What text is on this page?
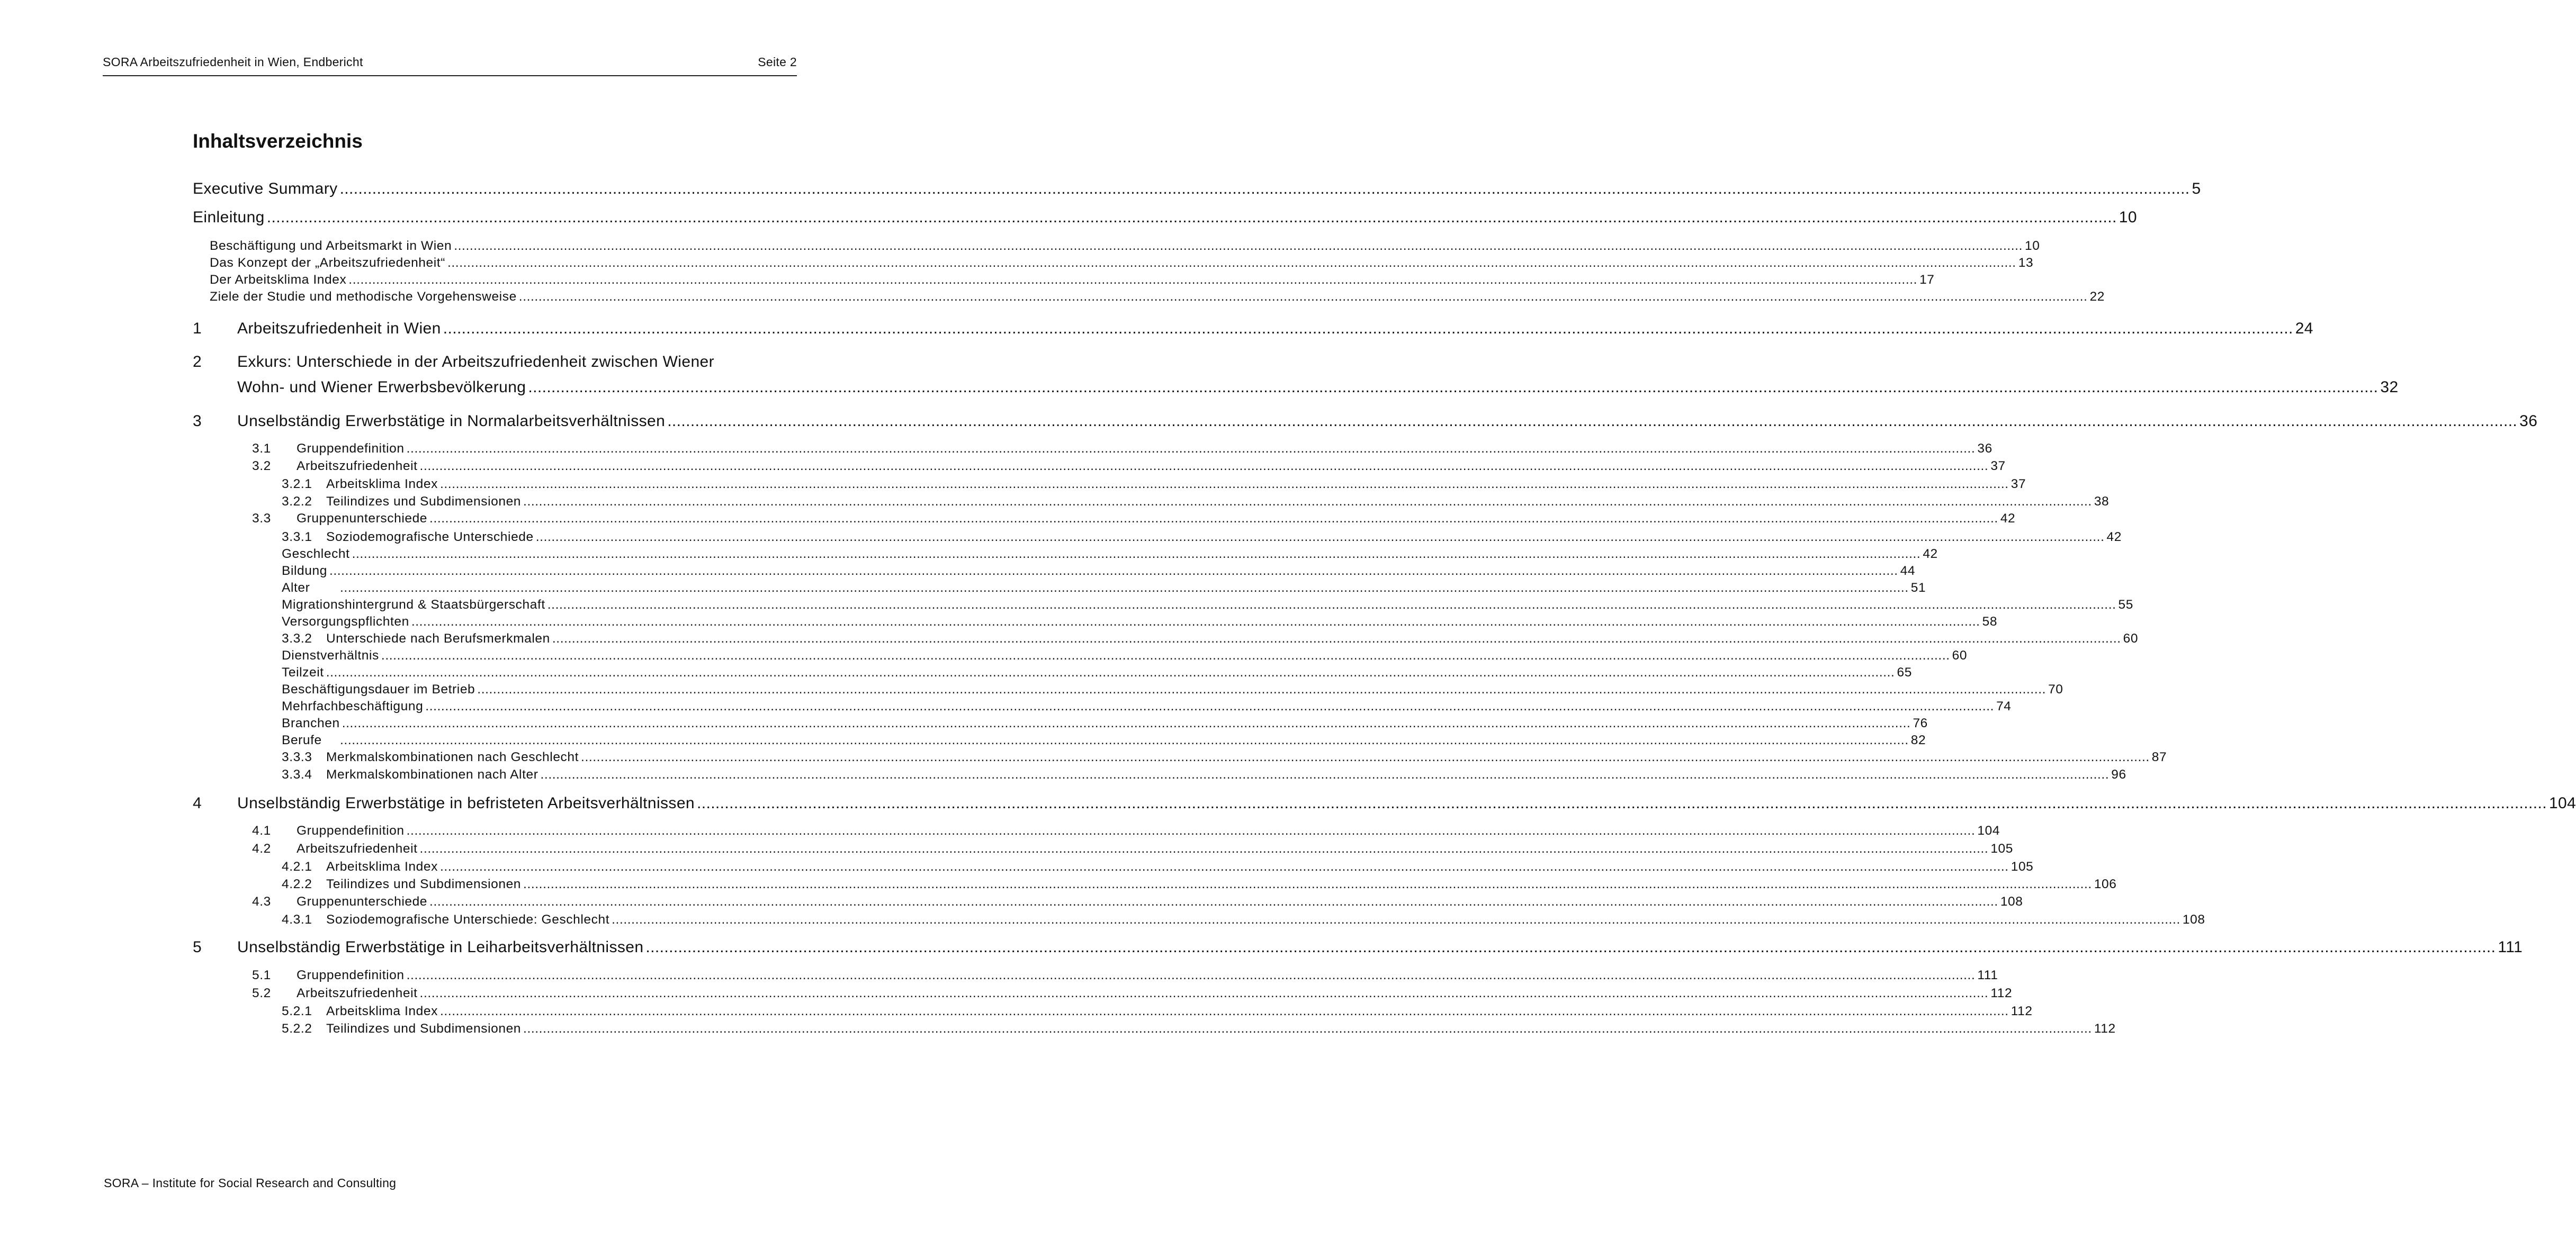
SORA Arbeitszufriedenheit in Wien, Endbericht	Seite 2
Inhaltsverzeichnis
Executive Summary ................................................................................................................................................................................................................................................................................................................................................................................................................ 5
Einleitung ................................................................................................................................................................................................................................................................................................................................................................................................................ 10
Beschäftigung und Arbeitsmarkt in Wien ................................................................................................................................................................................................................................................................................................................................................................................................................ 10
Das Konzept der „Arbeitszufriedenheit“ ................................................................................................................................................................................................................................................................................................................................................................................................................ 13
Der Arbeitsklima Index ................................................................................................................................................................................................................................................................................................................................................................................................................ 17
Ziele der Studie und methodische Vorgehensweise ................................................................................................................................................................................................................................................................................................................................................................................................................ 22
1	Arbeitszufriedenheit in Wien ................................................................................................................................................................................................................................................................................................................................................................................................................ 24
2	Exkurs: Unterschiede in der Arbeitszufriedenheit zwischen Wiener
Wohn- und Wiener Erwerbsbevölkerung ................................................................................................................................................................................................................................................................................................................................................................................................................ 32
3	Unselbständig Erwerbstätige in Normalarbeitsverhältnissen ................................................................................................................................................................................................................................................................................................................................................................................................................ 36
3.1	Gruppendefinition ................................................................................................................................................................................................................................................................................................................................................................................................................ 36
3.2	Arbeitszufriedenheit ................................................................................................................................................................................................................................................................................................................................................................................................................ 37
3.2.1	Arbeitsklima Index ................................................................................................................................................................................................................................................................................................................................................................................................................ 37
3.2.2	Teilindizes und Subdimensionen ................................................................................................................................................................................................................................................................................................................................................................................................................ 38
3.3	Gruppenunterschiede ................................................................................................................................................................................................................................................................................................................................................................................................................ 42
3.3.1	Soziodemografische Unterschiede ................................................................................................................................................................................................................................................................................................................................................................................................................ 42
Geschlecht ................................................................................................................................................................................................................................................................................................................................................................................................................ 42
Bildung ................................................................................................................................................................................................................................................................................................................................................................................................................ 44
Alter	................................................................................................................................................................................................................................................................................................................................................................................................................ 51
Migrationshintergrund & Staatsbürgerschaft ................................................................................................................................................................................................................................................................................................................................................................................................................ 55
Versorgungspflichten ................................................................................................................................................................................................................................................................................................................................................................................................................ 58
3.3.2	Unterschiede nach Berufsmerkmalen ................................................................................................................................................................................................................................................................................................................................................................................................................ 60
Dienstverhältnis ................................................................................................................................................................................................................................................................................................................................................................................................................ 60
Teilzeit ................................................................................................................................................................................................................................................................................................................................................................................................................ 65
Beschäftigungsdauer im Betrieb ................................................................................................................................................................................................................................................................................................................................................................................................................ 70
Mehrfachbeschäftigung ................................................................................................................................................................................................................................................................................................................................................................................................................ 74
Branchen ................................................................................................................................................................................................................................................................................................................................................................................................................ 76
Berufe	................................................................................................................................................................................................................................................................................................................................................................................................................ 82
3.3.3	Merkmalskombinationen nach Geschlecht ................................................................................................................................................................................................................................................................................................................................................................................................................ 87
3.3.4	Merkmalskombinationen nach Alter ................................................................................................................................................................................................................................................................................................................................................................................................................ 96
4	Unselbständig Erwerbstätige in befristeten Arbeitsverhältnissen ................................................................................................................................................................................................................................................................................................................................................................................................................ 104
4.1	Gruppendefinition ................................................................................................................................................................................................................................................................................................................................................................................................................ 104
4.2	Arbeitszufriedenheit ................................................................................................................................................................................................................................................................................................................................................................................................................ 105
4.2.1	Arbeitsklima Index ................................................................................................................................................................................................................................................................................................................................................................................................................ 105
4.2.2	Teilindizes und Subdimensionen ................................................................................................................................................................................................................................................................................................................................................................................................................ 106
4.3	Gruppenunterschiede ................................................................................................................................................................................................................................................................................................................................................................................................................ 108
4.3.1	Soziodemografische Unterschiede: Geschlecht ................................................................................................................................................................................................................................................................................................................................................................................................................ 108
5	Unselbständig Erwerbstätige in Leiharbeitsverhältnissen ................................................................................................................................................................................................................................................................................................................................................................................................................ 111
5.1	Gruppendefinition ................................................................................................................................................................................................................................................................................................................................................................................................................ 111
5.2	Arbeitszufriedenheit ................................................................................................................................................................................................................................................................................................................................................................................................................ 112
5.2.1	Arbeitsklima Index ................................................................................................................................................................................................................................................................................................................................................................................................................ 112
5.2.2	Teilindizes und Subdimensionen ................................................................................................................................................................................................................................................................................................................................................................................................................ 112
SORA – Institute for Social Research and Consulting
